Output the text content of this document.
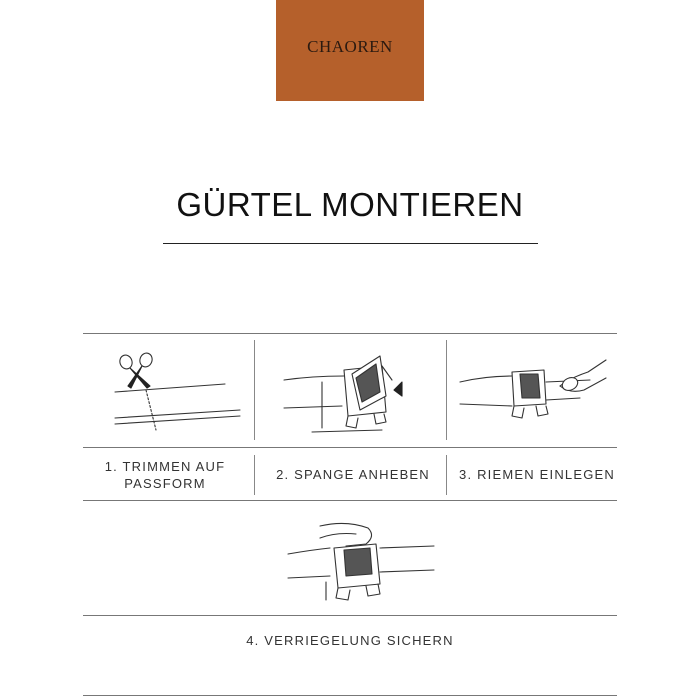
CHAOREN
GÜRTEL MONTIEREN
1. TRIMMEN AUF
PASSFORM
2. SPANGE ANHEBEN	3. RIEMEN EINLEGEN
4. VERRIEGELUNG SICHERN
